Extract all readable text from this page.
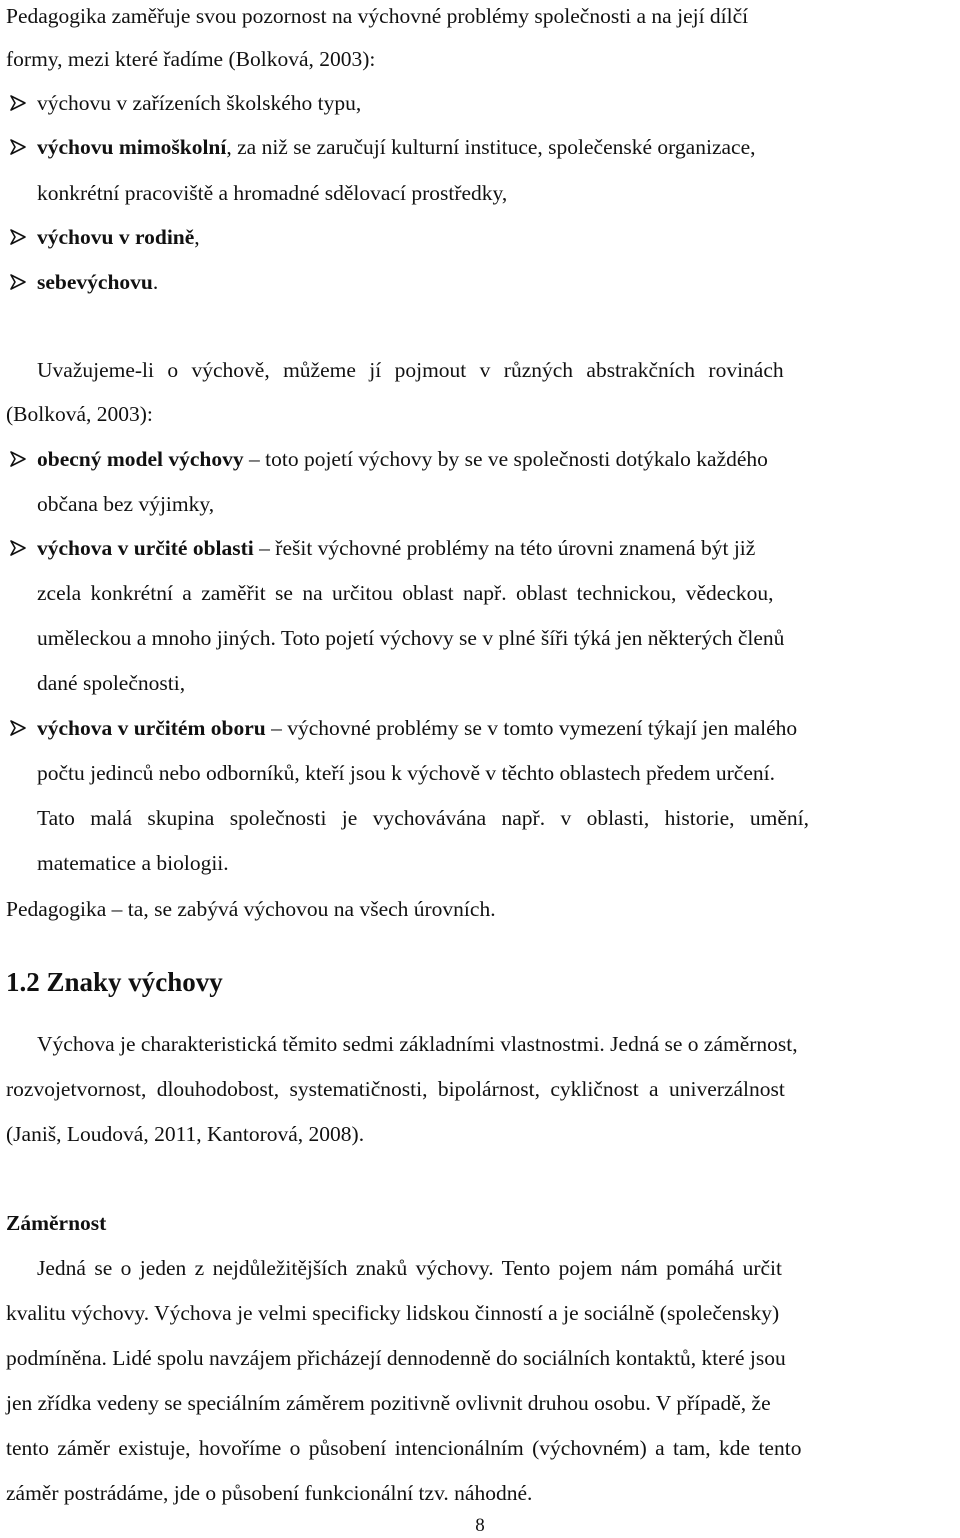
Pedagogika zaměřuje svou pozornost na výchovné problémy společnosti a na její dílčí
formy, mezi které řadíme (Bolková, 2003):
výchovu v zařízeních školského typu,
výchovu mimoškolní, za niž se zaručují kulturní instituce, společenské organizace,
konkrétní pracoviště a hromadné sdělovací prostředky,
výchovu v rodině,
sebevýchovu.
Uvažujeme-li o výchově, můžeme jí pojmout v různých abstrakčních rovinách
(Bolková, 2003):
obecný model výchovy – toto pojetí výchovy by se ve společnosti dotýkalo každého
občana bez výjimky,
výchova v určité oblasti – řešit výchovné problémy na této úrovni znamená být již
zcela konkrétní a zaměřit se na určitou oblast např. oblast technickou, vědeckou,
uměleckou a mnoho jiných. Toto pojetí výchovy se v plné šíři týká jen některých členů
dané společnosti,
výchova v určitém oboru – výchovné problémy se v tomto vymezení týkají jen malého
počtu jedinců nebo odborníků, kteří jsou k výchově v těchto oblastech předem určení.
Tato malá skupina společnosti je vychovávána např. v oblasti, historie, umění,
matematice a biologii.
Pedagogika – ta, se zabývá výchovou na všech úrovních.
1.2 Znaky výchovy
Výchova je charakteristická těmito sedmi základními vlastnostmi. Jedná se o záměrnost,
rozvojetvornost, dlouhodobost, systematičnosti, bipolárnost, cykličnost a univerzálnost
(Janiš, Loudová, 2011, Kantorová, 2008).
Záměrnost
Jedná se o jeden z nejdůležitějších znaků výchovy. Tento pojem nám pomáhá určit
kvalitu výchovy. Výchova je velmi specificky lidskou činností a je sociálně (společensky)
podmíněna. Lidé spolu navzájem přicházejí dennodenně do sociálních kontaktů, které jsou
jen zřídka vedeny se speciálním záměrem pozitivně ovlivnit druhou osobu. V případě, že
tento záměr existuje, hovoříme o působení intencionálním (výchovném) a tam, kde tento
záměr postrádáme, jde o působení funkcionální tzv. náhodné.
8
